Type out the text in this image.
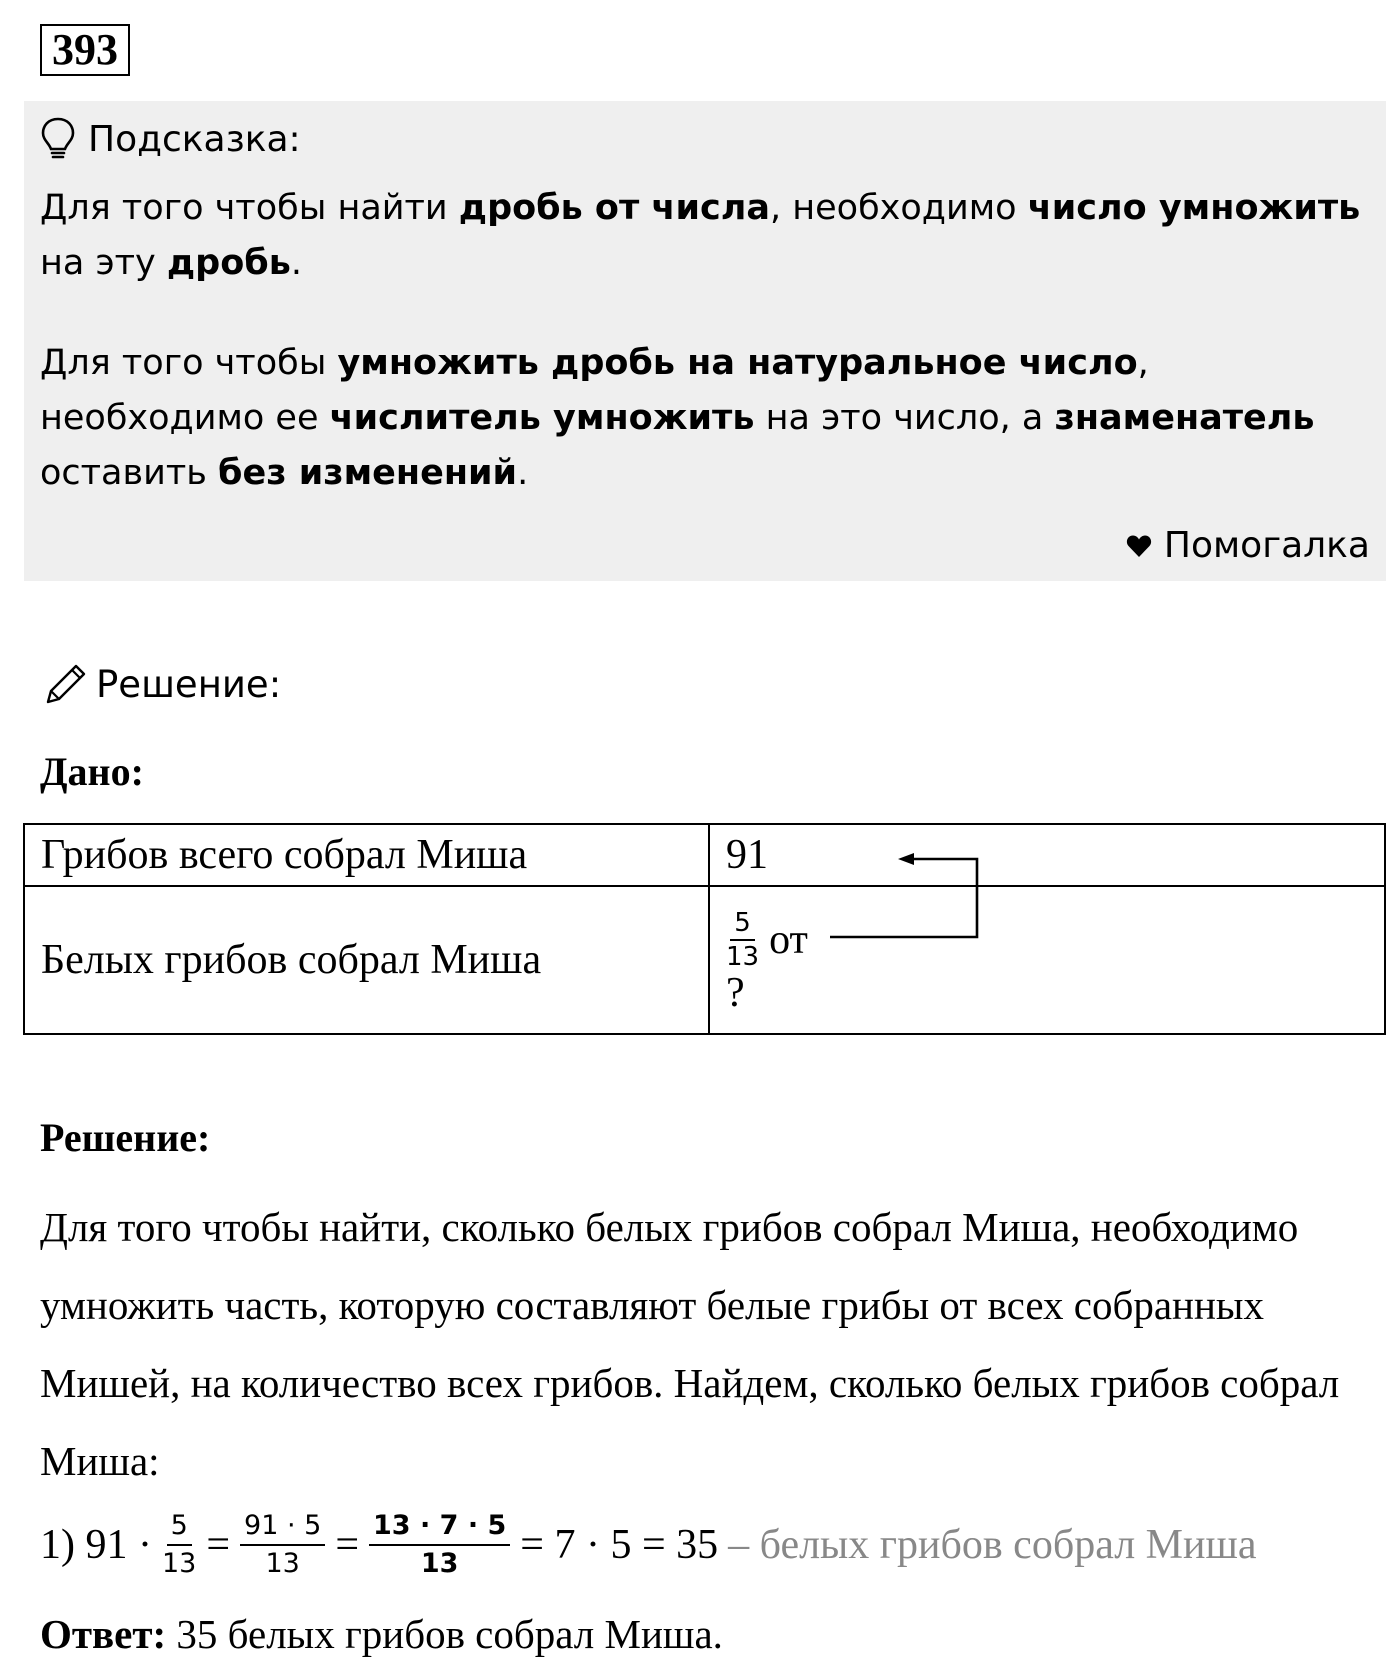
393
Подсказка:

Для того чтобы найти дробь от числа, необходимо число умножить на эту дробь.

Для того чтобы умножить дробь на натуральное число, необходимо ее числитель умножить на это число, а знаменатель оставить без изменений.

Помогалка
Решение:
Дано:
Грибов всего собрал Миша	91
Белых грибов собрал Миша	$\frac{5}{13}$ от
?
Решение:

Для того чтобы найти, сколько белых грибов собрал Миша, необходимо умножить часть, которую составляют белые грибы от всех собранных Мишей, на количество всех грибов. Найдем, сколько белых грибов собрал Миша:

1) $91 \cdot \frac{5}{13} = \frac{91 \cdot 5}{13} = \frac{13 \cdot 7 \cdot 5}{13} = 7 \cdot 5 = 35$ – белых грибов собрал Миша
Ответ: 35 белых грибов собрал Миша.
